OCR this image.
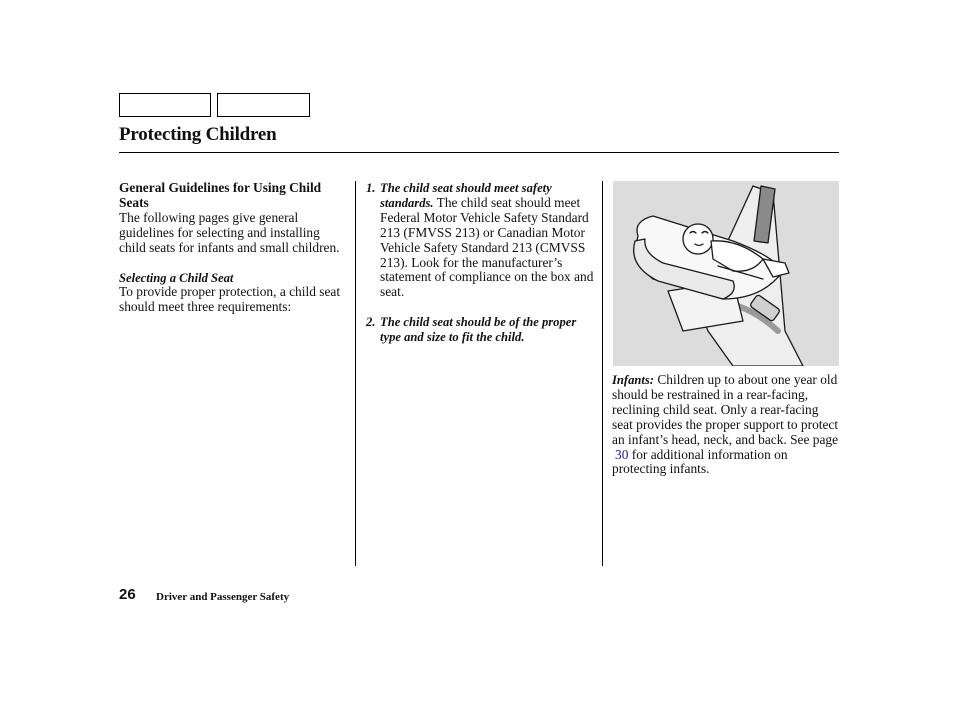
Protecting Children
General Guidelines for Using Child Seats

The following pages give general guidelines for selecting and installing child seats for infants and small children.

Selecting a Child Seat

To provide proper protection, a child seat should meet three requirements:

1. The child seat should meet safety standards. The child seat should meet Federal Motor Vehicle Safety Standard 213 (FMVSS 213) or Canadian Motor Vehicle Safety Standard 213 (CMVSS 213). Look for the manufacturer’s statement of compliance on the box and seat.
2. The child seat should be of the proper type and size to fit the child.

Infants: Children up to about one year old should be restrained in a rear-facing, reclining child seat. Only a rear-facing seat provides the proper support to protect an infant’s head, neck, and back. See page
30 for additional information on protecting infants.

26 Driver and Passenger Safety
